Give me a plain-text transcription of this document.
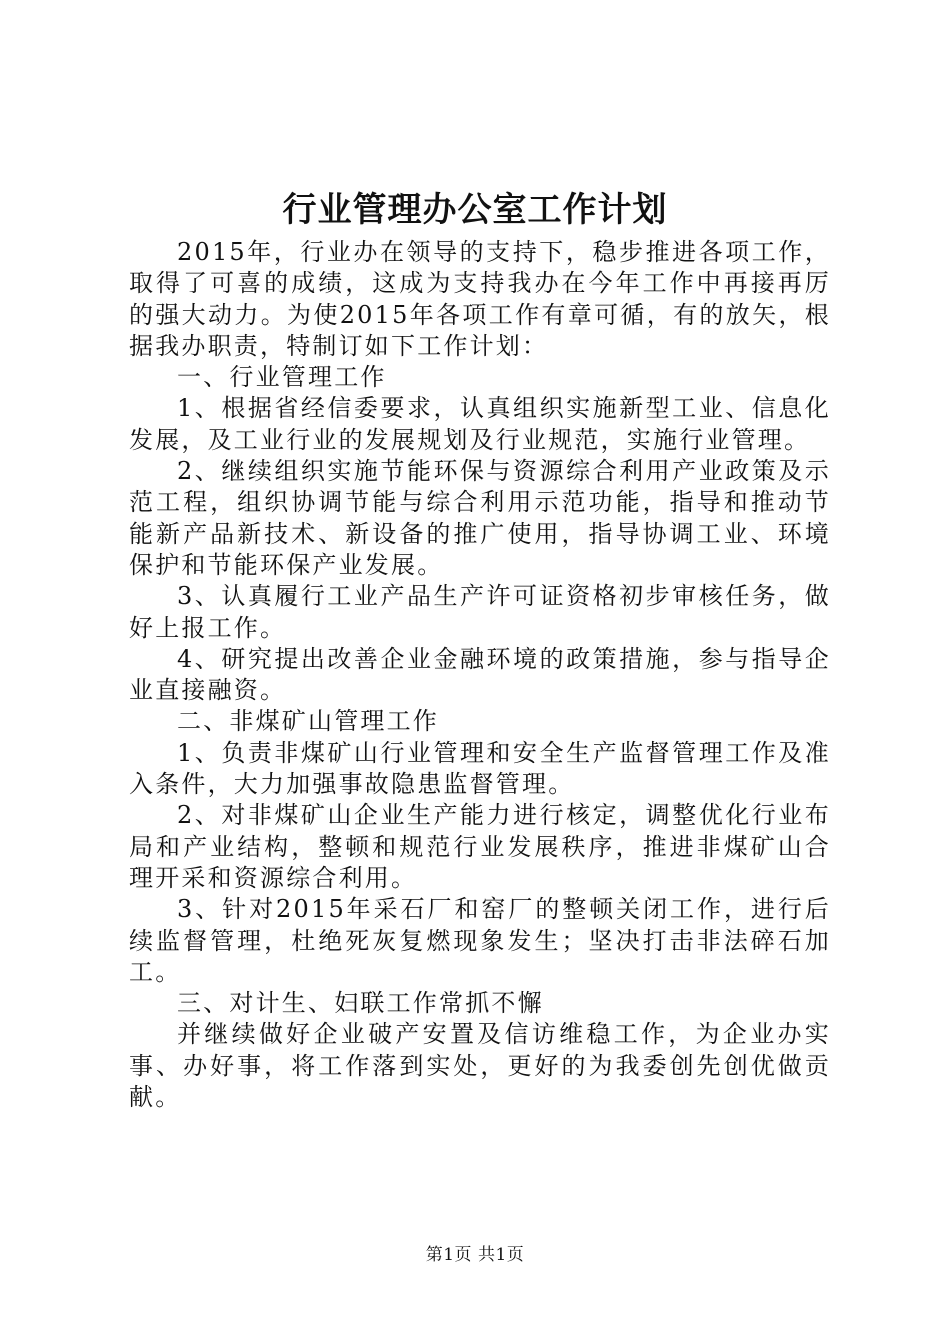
行业管理办公室工作计划

2015年，行业办在领导的支持下，稳步推进各项工作，取得了可喜的成绩，这成为支持我办在今年工作中再接再厉的强大动力。为使2015年各项工作有章可循，有的放矢，根据我办职责，特制订如下工作计划：

一、行业管理工作

1、根据省经信委要求，认真组织实施新型工业、信息化发展，及工业行业的发展规划及行业规范，实施行业管理。

2、继续组织实施节能环保与资源综合利用产业政策及示范工程，组织协调节能与综合利用示范功能，指导和推动节能新产品新技术、新设备的推广使用，指导协调工业、环境保护和节能环保产业发展。

3、认真履行工业产品生产许可证资格初步审核任务，做好上报工作。

4、研究提出改善企业金融环境的政策措施，参与指导企业直接融资。

二、非煤矿山管理工作

1、负责非煤矿山行业管理和安全生产监督管理工作及准入条件，大力加强事故隐患监督管理。

2、对非煤矿山企业生产能力进行核定，调整优化行业布局和产业结构，整顿和规范行业发展秩序，推进非煤矿山合理开采和资源综合利用。

3、针对2015年采石厂和窑厂的整顿关闭工作，进行后续监督管理，杜绝死灰复燃现象发生；坚决打击非法碎石加工。

三、对计生、妇联工作常抓不懈

并继续做好企业破产安置及信访维稳工作，为企业办实事、办好事，将工作落到实处，更好的为我委创先创优做贡献。

第1页 共1页
